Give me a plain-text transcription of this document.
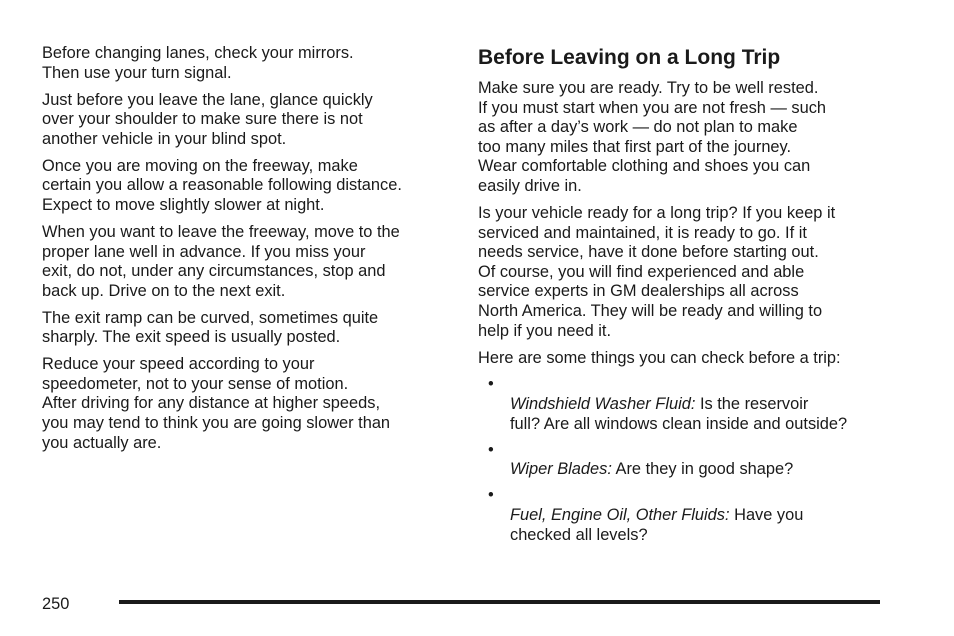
Before changing lanes, check your mirrors.
Then use your turn signal.

Just before you leave the lane, glance quickly
over your shoulder to make sure there is not
another vehicle in your blind spot.

Once you are moving on the freeway, make
certain you allow a reasonable following distance.
Expect to move slightly slower at night.

When you want to leave the freeway, move to the
proper lane well in advance. If you miss your
exit, do not, under any circumstances, stop and
back up. Drive on to the next exit.

The exit ramp can be curved, sometimes quite
sharply. The exit speed is usually posted.

Reduce your speed according to your
speedometer, not to your sense of motion.
After driving for any distance at higher speeds,
you may tend to think you are going slower than
you actually are.

Before Leaving on a Long Trip

Make sure you are ready. Try to be well rested.
If you must start when you are not fresh — such
as after a day’s work — do not plan to make
too many miles that first part of the journey.
Wear comfortable clothing and shoes you can
easily drive in.

Is your vehicle ready for a long trip? If you keep it
serviced and maintained, it is ready to go. If it
needs service, have it done before starting out.
Of course, you will find experienced and able
service experts in GM dealerships all across
North America. They will be ready and willing to
help if you need it.

Here are some things you can check before a trip:

•
Windshield Washer Fluid: Is the reservoir
full? Are all windows clean inside and outside?

•
Wiper Blades: Are they in good shape?

•
Fuel, Engine Oil, Other Fluids: Have you
checked all levels?

250
